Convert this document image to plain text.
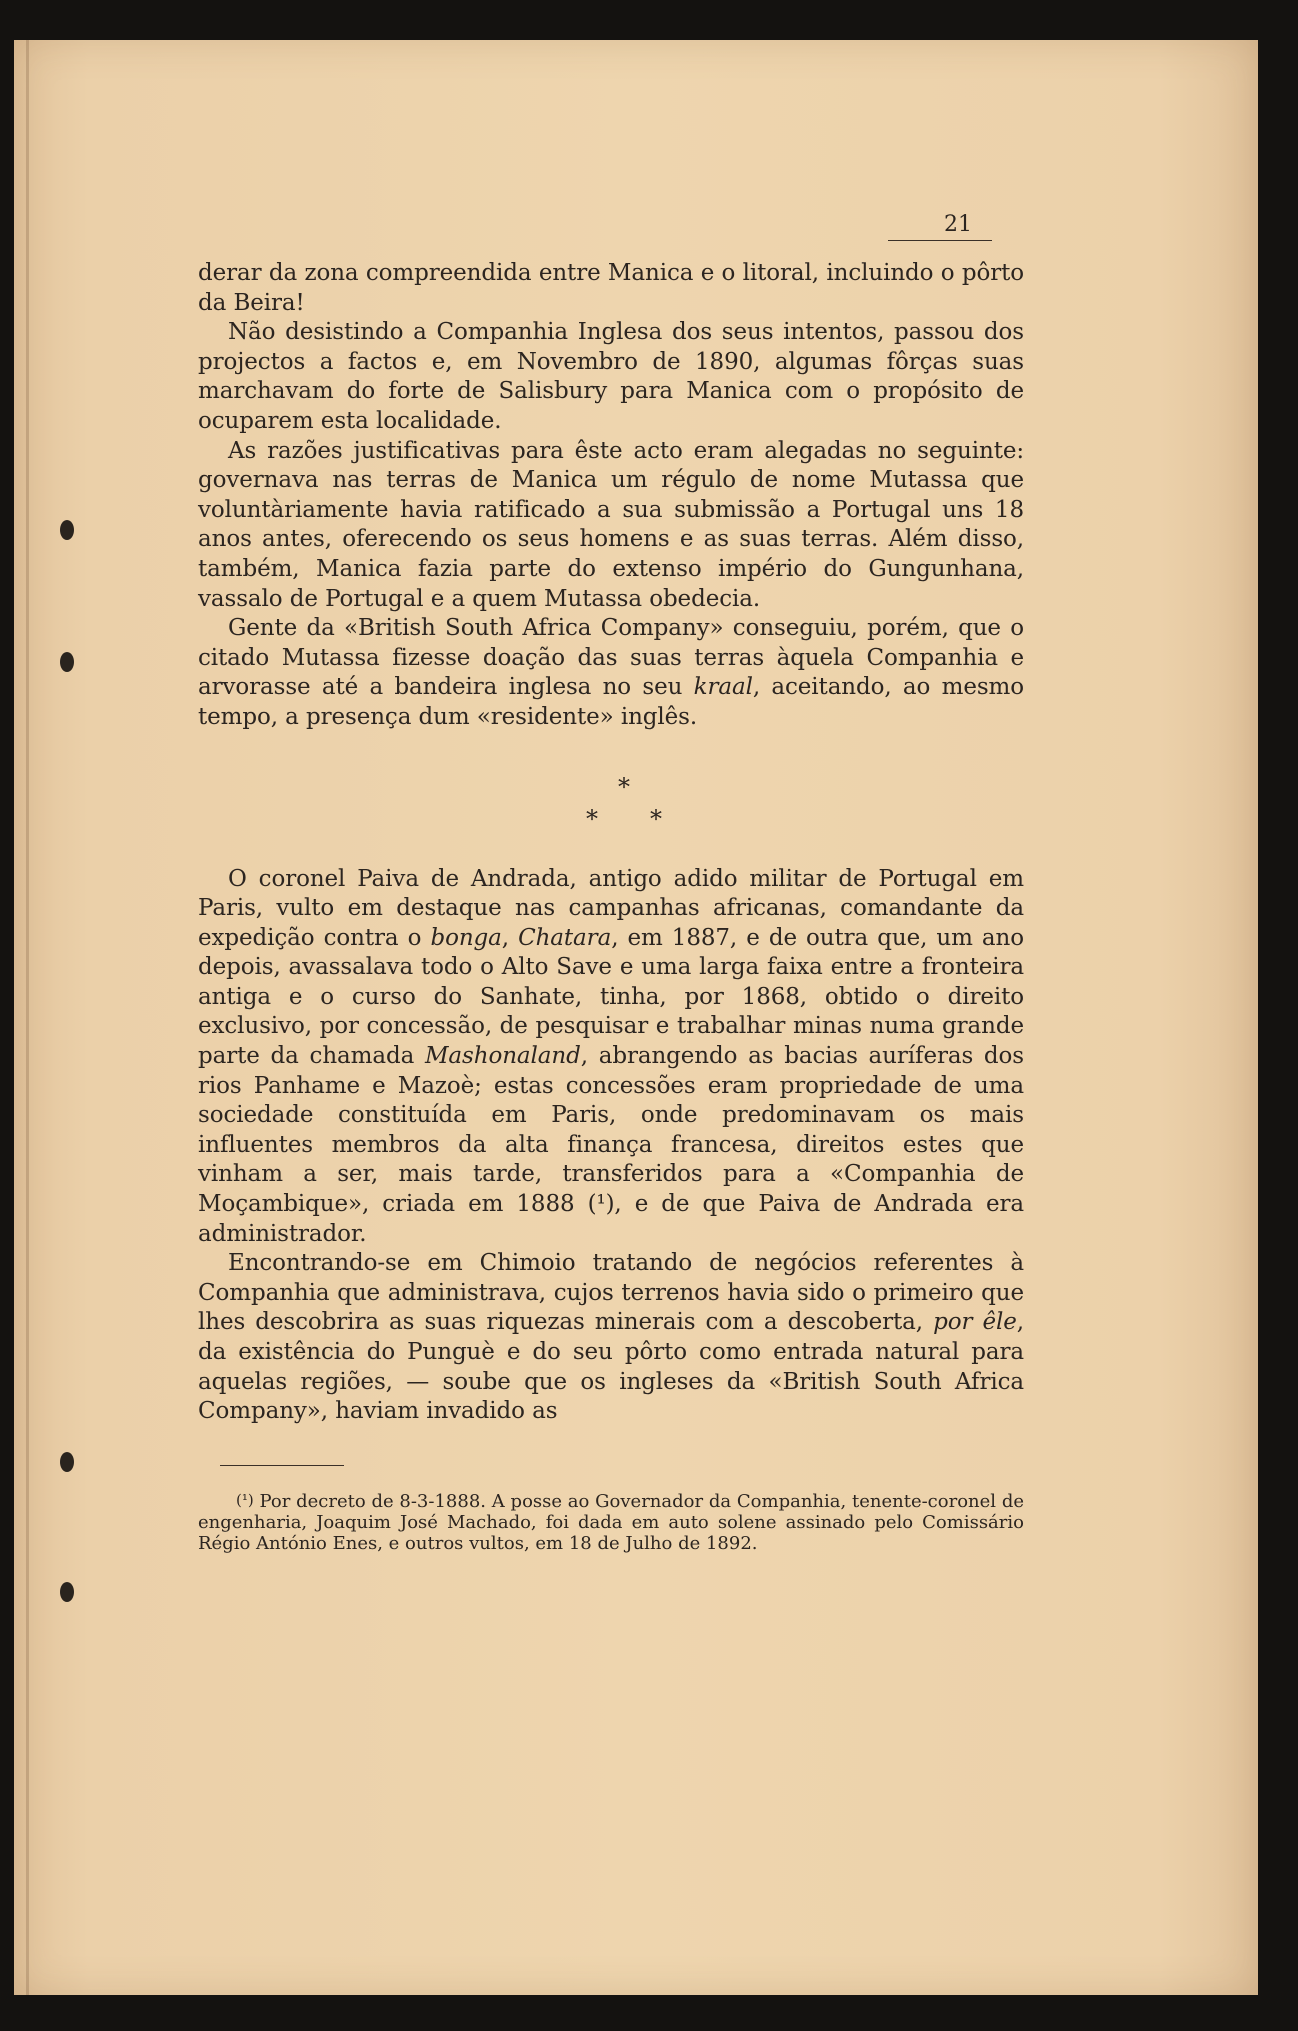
21

derar da zona compreendida entre Manica e o litoral, incluindo o pôrto da Beira!

Não desistindo a Companhia Inglesa dos seus intentos, passou dos projectos a factos e, em Novembro de 1890, algumas fôrças suas marchavam do forte de Salisbury para Manica com o propósito de ocuparem esta localidade.

As razões justificativas para êste acto eram alegadas no seguinte: governava nas terras de Manica um régulo de nome Mutassa que voluntàriamente havia ratificado a sua submissão a Portugal uns 18 anos antes, oferecendo os seus homens e as suas terras. Além disso, também, Manica fazia parte do extenso império do Gungunhana, vassalo de Portugal e a quem Mutassa obedecia.

Gente da «British South Africa Company» conseguiu, porém, que o citado Mutassa fizesse doação das suas terras àquela Companhia e arvorasse até a bandeira inglesa no seu kraal, aceitando, ao mesmo tempo, a presença dum «residente» inglês.

*
* *

O coronel Paiva de Andrada, antigo adido militar de Portugal em Paris, vulto em destaque nas campanhas africanas, comandante da expedição contra o bonga, Chatara, em 1887, e de outra que, um ano depois, avassalava todo o Alto Save e uma larga faixa entre a fronteira antiga e o curso do Sanhate, tinha, por 1868, obtido o direito exclusivo, por concessão, de pesquisar e trabalhar minas numa grande parte da chamada Mashonaland, abrangendo as bacias auríferas dos rios Panhame e Mazoè; estas concessões eram propriedade de uma sociedade constituída em Paris, onde predominavam os mais influentes membros da alta finança francesa, direitos estes que vinham a ser, mais tarde, transferidos para a «Companhia de Moçambique», criada em 1888 (¹), e de que Paiva de Andrada era administrador.

Encontrando-se em Chimoio tratando de negócios referentes à Companhia que administrava, cujos terrenos havia sido o primeiro que lhes descobrira as suas riquezas minerais com a descoberta, por êle, da existência do Punguè e do seu pôrto como entrada natural para aquelas regiões, — soube que os ingleses da «British South Africa Company», haviam invadido as

(¹) Por decreto de 8-3-1888. A posse ao Governador da Companhia, tenente-coronel de engenharia, Joaquim José Machado, foi dada em auto solene assinado pelo Comissário Régio António Enes, e outros vultos, em 18 de Julho de 1892.
